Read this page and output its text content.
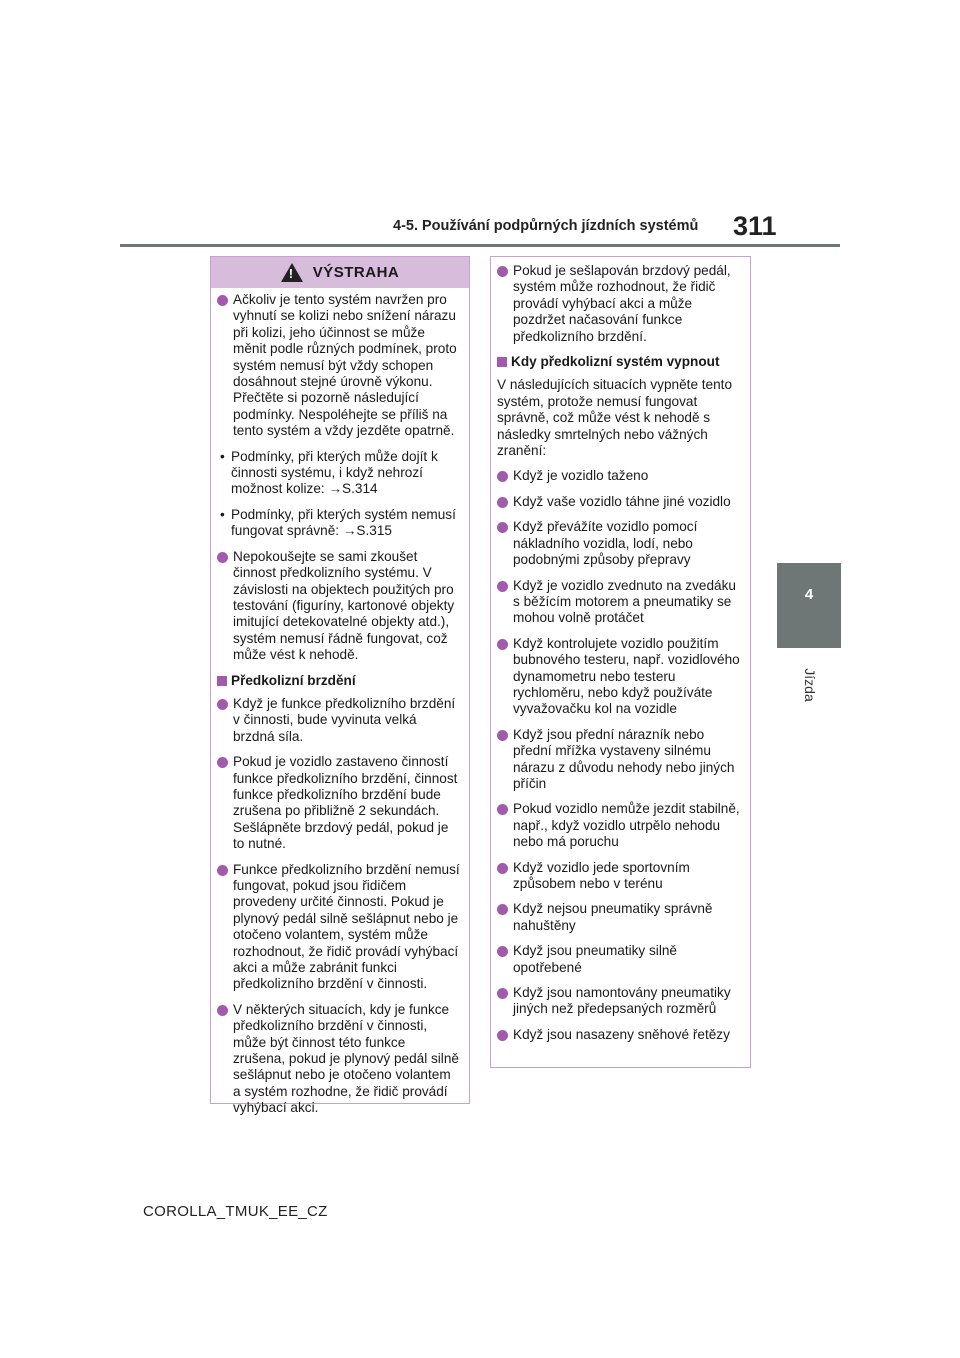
4-5. Používání podpůrných jízdních systémů 311
4
Jízda
!
VÝSTRAHA
Ačkoliv je tento systém navržen pro vyhnutí se kolizi nebo snížení nárazu při kolizi, jeho účinnost se může měnit podle různých podmínek, proto systém nemusí být vždy schopen dosáhnout stejné úrovně výkonu. Přečtěte si pozorně následující podmínky. Nespoléhejte se příliš na tento systém a vždy jezděte opatrně.
• Podmínky, při kterých může dojít k činnosti systému, i když nehrozí možnost kolize: →S.314
• Podmínky, při kterých systém nemusí fungovat správně: →S.315
Nepokoušejte se sami zkoušet činnost předkolizního systému. V závislosti na objektech použitých pro testování (figuríny, kartonové objekty imitující detekovatelné objekty atd.), systém nemusí řádně fungovat, což může vést k nehodě.
Předkolizní brzdění
Když je funkce předkolizního brzdění v činnosti, bude vyvinuta velká brzdná síla.
Pokud je vozidlo zastaveno činností funkce předkolizního brzdění, činnost funkce předkolizního brzdění bude zrušena po přibližně 2 sekundách. Sešlápněte brzdový pedál, pokud je to nutné.
Funkce předkolizního brzdění nemusí fungovat, pokud jsou řidičem provedeny určité činnosti. Pokud je plynový pedál silně sešlápnut nebo je otočeno volantem, systém může rozhodnout, že řidič provádí vyhýbací akci a může zabránit funkci předkolizního brzdění v činnosti.
V některých situacích, kdy je funkce předkolizního brzdění v činnosti, může být činnost této funkce zrušena, pokud je plynový pedál silně sešlápnut nebo je otočeno volantem a systém rozhodne, že řidič provádí vyhýbací akci.
Pokud je sešlapován brzdový pedál, systém může rozhodnout, že řidič provádí vyhýbací akci a může pozdržet načasování funkce předkolizního brzdění.
Kdy předkolizní systém vypnout
V následujících situacích vypněte tento systém, protože nemusí fungovat správně, což může vést k nehodě s následky smrtelných nebo vážných zranění:
Když je vozidlo taženo
Když vaše vozidlo táhne jiné vozidlo
Když převážíte vozidlo pomocí nákladního vozidla, lodí, nebo podobnými způsoby přepravy
Když je vozidlo zvednuto na zvedáku s běžícím motorem a pneumatiky se mohou volně protáčet
Když kontrolujete vozidlo použitím bubnového testeru, např. vozidlového dynamometru nebo testeru rychloměru, nebo když používáte vyvažovačku kol na vozidle
Když jsou přední nárazník nebo přední mřížka vystaveny silnému nárazu z důvodu nehody nebo jiných příčin
Pokud vozidlo nemůže jezdit stabilně, např., když vozidlo utrpělo nehodu nebo má poruchu
Když vozidlo jede sportovním způsobem nebo v terénu
Když nejsou pneumatiky správně nahuštěny
Když jsou pneumatiky silně opotřebené
Když jsou namontovány pneumatiky jiných než předepsaných rozměrů
Když jsou nasazeny sněhové řetězy
COROLLA_TMUK_EE_CZ
